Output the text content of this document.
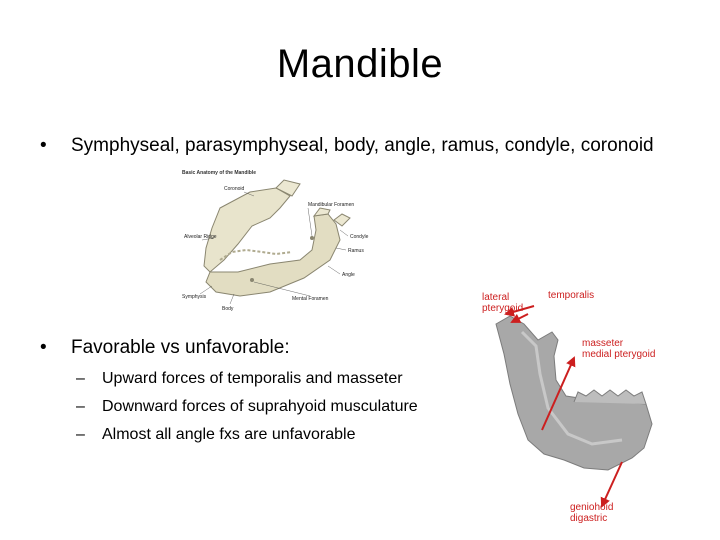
Mandible
• Symphyseal, parasymphyseal, body, angle, ramus, condyle, coronoid
• Favorable vs unfavorable:
– Upward forces of temporalis and masseter
– Downward forces of suprahyoid musculature
– Almost all angle fxs are unfavorable
Basic Anatomy of the Mandible
Coronoid
Mandibular Foramen
Alveolar Ridge	Condyle
Ramus
Angle
Symphysis	Mental Foramen
Body
lateral pterygoid
temporalis
masseter medial pterygoid
geniohoid digastric
